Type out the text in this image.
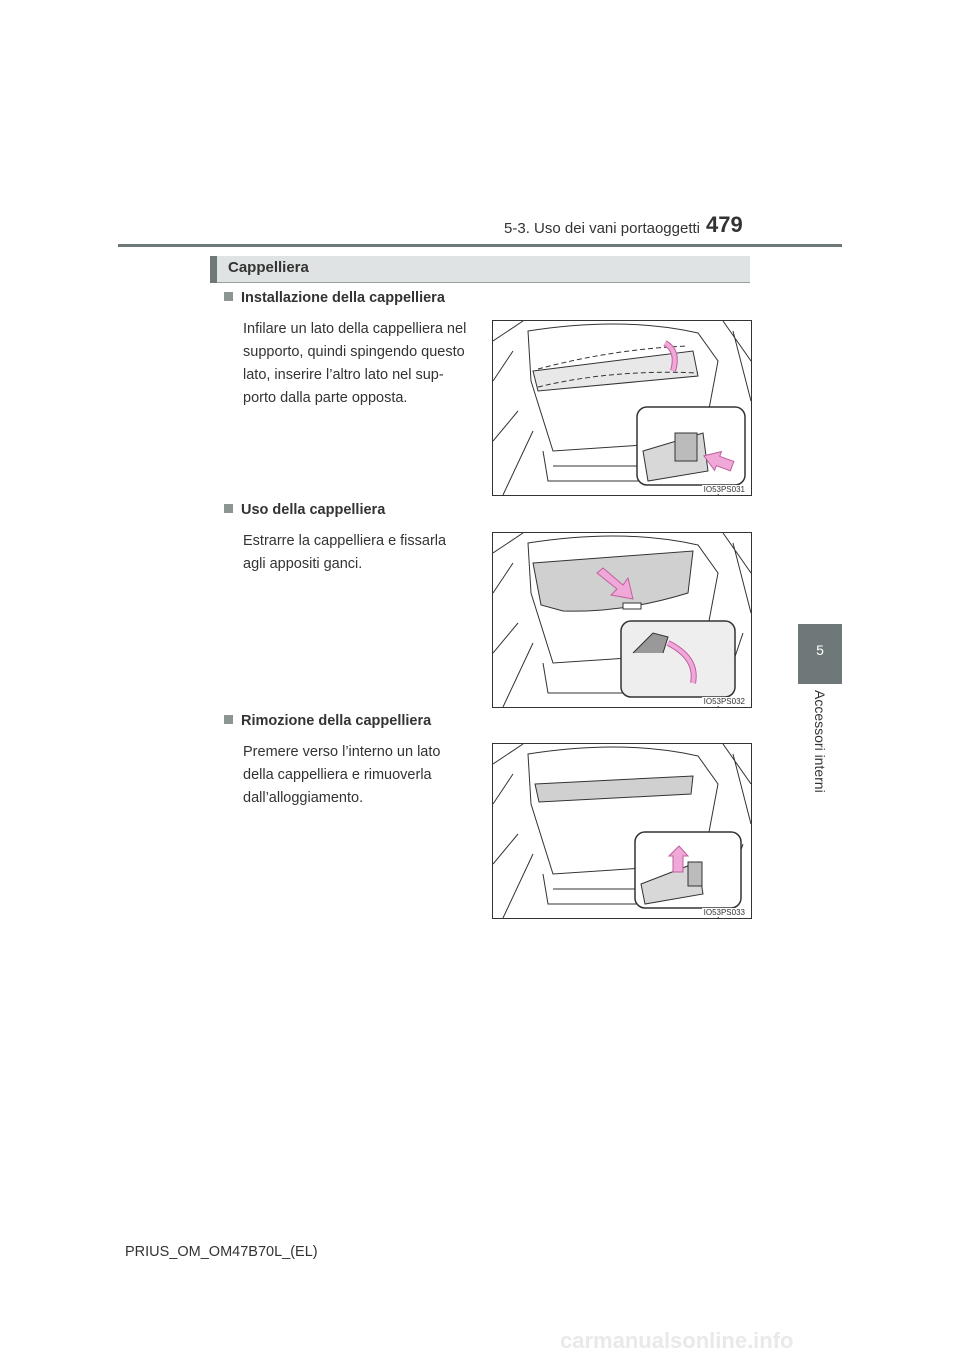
5-3. Uso dei vani portaoggetti 479
5
Accessori interni
Cappelliera
Installazione della cappelliera
Infilare un lato della cappelliera nel
supporto, quindi spingendo questo
lato, inserire l’altro lato nel sup-
porto dalla parte opposta.
IO53PS031
Uso della cappelliera
Estrarre la cappelliera e fissarla
agli appositi ganci.
IO53PS032
Rimozione della cappelliera
Premere verso l’interno un lato
della cappelliera e rimuoverla
dall’alloggiamento.
IO53PS033
PRIUS_OM_OM47B70L_(EL)
carmanualsonline.info
